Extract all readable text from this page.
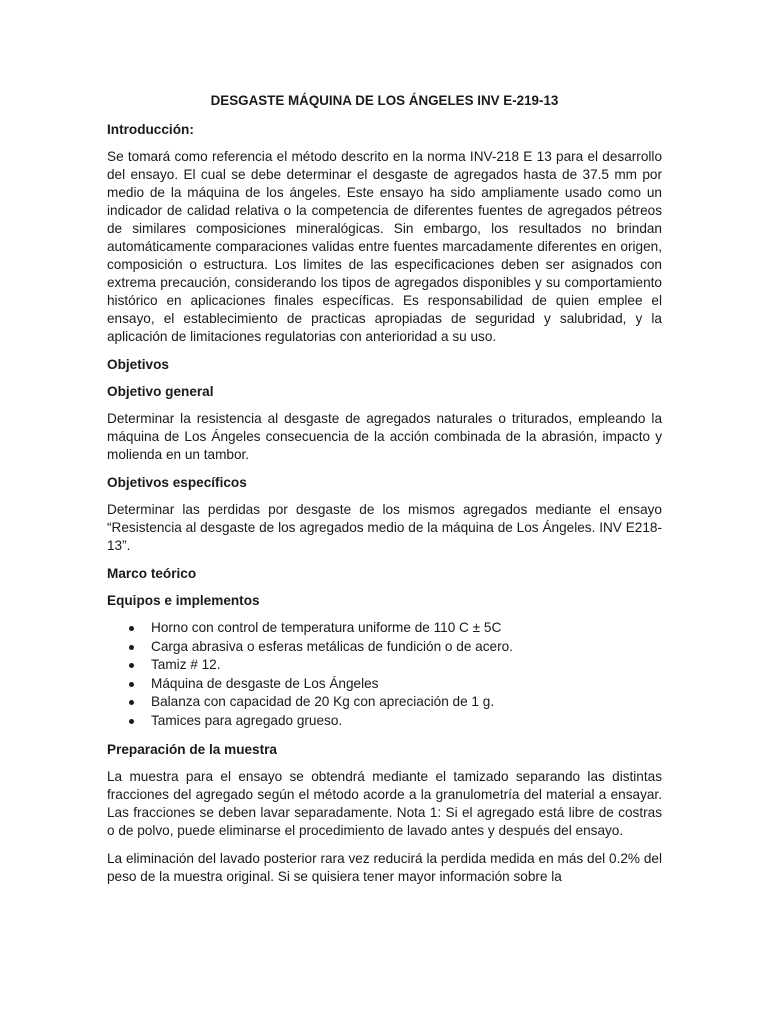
DESGASTE MÁQUINA DE LOS ÁNGELES INV E-219-13
Introducción:

Se tomará como referencia el método descrito en la norma INV-218 E 13 para el desarrollo del ensayo. El cual se debe determinar el desgaste de agregados hasta de 37.5 mm por medio de la máquina de los ángeles. Este ensayo ha sido ampliamente usado como un indicador de calidad relativa o la competencia de diferentes fuentes de agregados pétreos de similares composiciones mineralógicas. Sin embargo, los resultados no brindan automáticamente comparaciones validas entre fuentes marcadamente diferentes en origen, composición o estructura. Los limites de las especificaciones deben ser asignados con extrema precaución, considerando los tipos de agregados disponibles y su comportamiento histórico en aplicaciones finales específicas. Es responsabilidad de quien emplee el ensayo, el establecimiento de practicas apropiadas de seguridad y salubridad, y la aplicación de limitaciones regulatorias con anterioridad a su uso.

Objetivos
Objetivo general

Determinar la resistencia al desgaste de agregados naturales o triturados, empleando la máquina de Los Ángeles consecuencia de la acción combinada de la abrasión, impacto y molienda en un tambor.

Objetivos específicos

Determinar las perdidas por desgaste de los mismos agregados mediante el ensayo “Resistencia al desgaste de los agregados medio de la máquina de Los Ángeles. INV E218-13”.

Marco teórico
Equipos e implementos
Horno con control de temperatura uniforme de 110 C ± 5C
Carga abrasiva o esferas metálicas de fundición o de acero.
Tamiz # 12.
Máquina de desgaste de Los Ángeles
Balanza con capacidad de 20 Kg con apreciación de 1 g.
Tamices para agregado grueso.
Preparación de la muestra

La muestra para el ensayo se obtendrá mediante el tamizado separando las distintas fracciones del agregado según el método acorde a la granulometría del material a ensayar. Las fracciones se deben lavar separadamente. Nota 1: Si el agregado está libre de costras o de polvo, puede eliminarse el procedimiento de lavado antes y después del ensayo.

La eliminación del lavado posterior rara vez reducirá la perdida medida en más del 0.2% del peso de la muestra original. Si se quisiera tener mayor información sobre la
